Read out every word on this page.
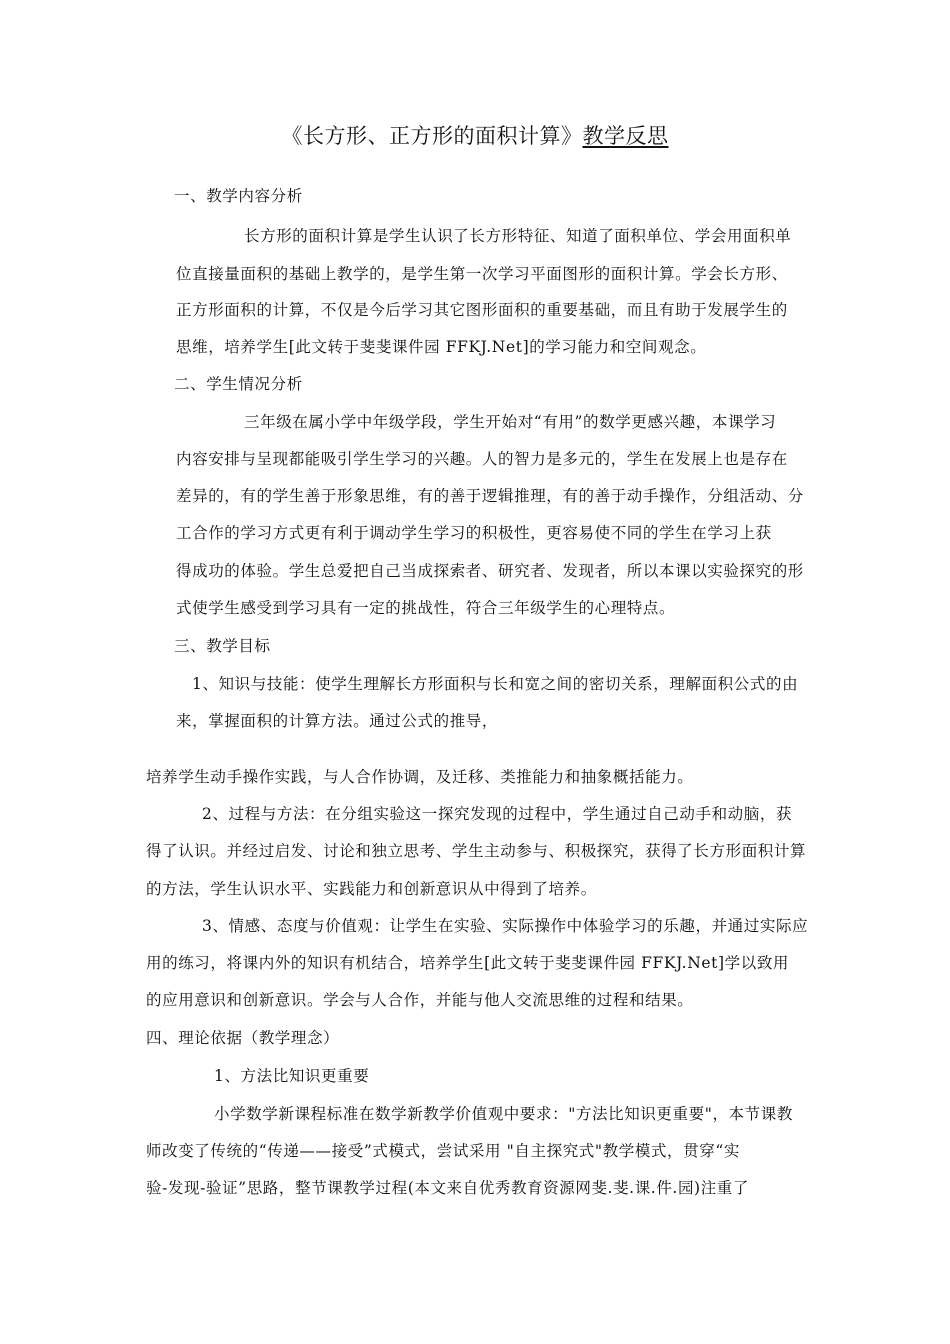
《长方形、正方形的面积计算》教学反思
一、教学内容分析
长方形的面积计算是学生认识了长方形特征、知道了面积单位、学会用面积单
位直接量面积的基础上教学的，是学生第一次学习平面图形的面积计算。学会长方形、
正方形面积的计算，不仅是今后学习其它图形面积的重要基础，而且有助于发展学生的
思维，培养学生[此文转于斐斐课件园 FFKJ.Net]的学习能力和空间观念。
二、学生情况分析
三年级在属小学中年级学段，学生开始对“有用”的数学更感兴趣，本课学习
内容安排与呈现都能吸引学生学习的兴趣。人的智力是多元的，学生在发展上也是存在
差异的，有的学生善于形象思维，有的善于逻辑推理，有的善于动手操作，分组活动、分
工合作的学习方式更有利于调动学生学习的积极性，更容易使不同的学生在学习上获
得成功的体验。学生总爱把自己当成探索者、研究者、发现者，所以本课以实验探究的形
式使学生感受到学习具有一定的挑战性，符合三年级学生的心理特点。
三、教学目标
1、知识与技能：使学生理解长方形面积与长和宽之间的密切关系，理解面积公式的由
来，掌握面积的计算方法。通过公式的推导，
培养学生动手操作实践，与人合作协调，及迁移、类推能力和抽象概括能力。
2、过程与方法：在分组实验这一探究发现的过程中，学生通过自己动手和动脑，获
得了认识。并经过启发、讨论和独立思考、学生主动参与、积极探究，获得了长方形面积计算
的方法，学生认识水平、实践能力和创新意识从中得到了培养。
3、情感、态度与价值观：让学生在实验、实际操作中体验学习的乐趣，并通过实际应
用的练习，将课内外的知识有机结合，培养学生[此文转于斐斐课件园 FFKJ.Net]学以致用
的应用意识和创新意识。学会与人合作，并能与他人交流思维的过程和结果。
四、理论依据（教学理念）
1、方法比知识更重要
小学数学新课程标准在数学新教学价值观中要求："方法比知识更重要"，本节课教
师改变了传统的“传递——接受”式模式，尝试采用 "自主探究式"教学模式，贯穿“实
验-发现-验证”思路，整节课教学过程(本文来自优秀教育资源网斐.斐.课.件.园)注重了
